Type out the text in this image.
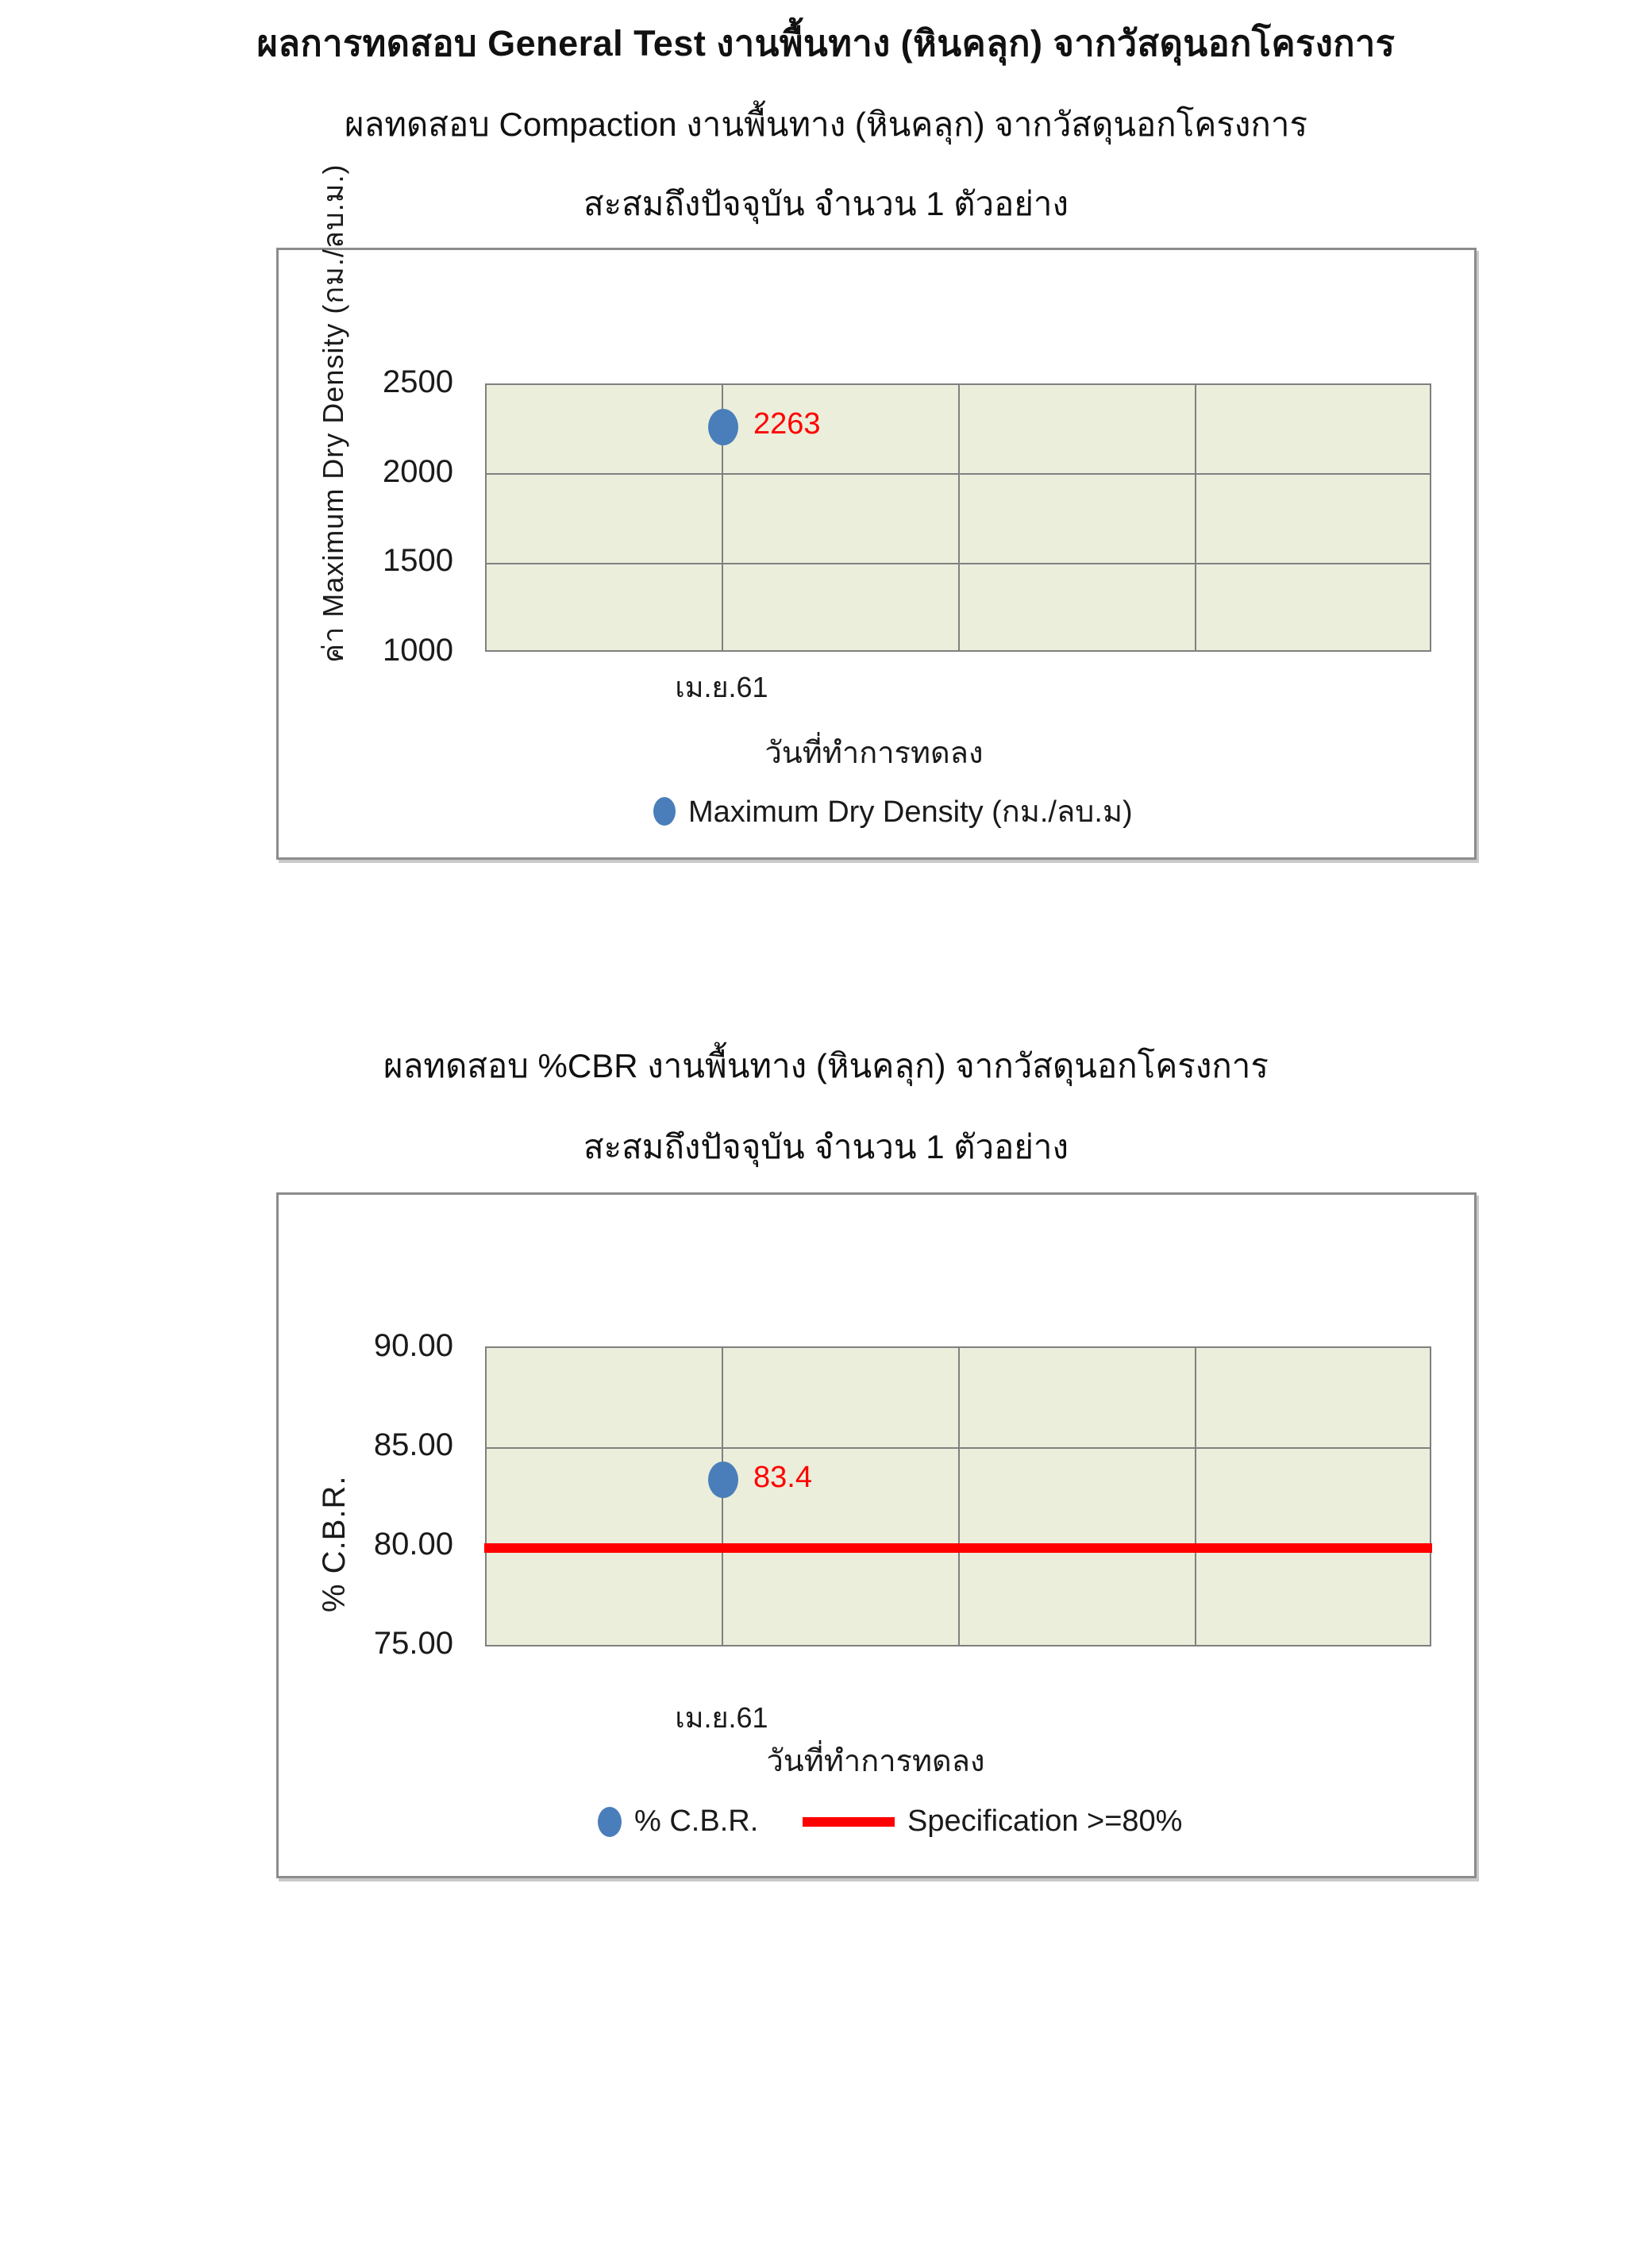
ผลการทดสอบ General Test งานพื้นทาง (หินคลุก) จากวัสดุนอกโครงการ
ผลทดสอบ Compaction งานพื้นทาง (หินคลุก) จากวัสดุนอกโครงการ
สะสมถึงปัจจุบัน จำนวน 1 ตัวอย่าง
ค่า Maximum Dry Density (กม./ลบ.ม.)	2500
2000
1500
1000
2263
เม.ย.61
วันที่ทำการทดลง
Maximum Dry Density (กม./ลบ.ม)
ผลทดสอบ %CBR งานพื้นทาง (หินคลุก) จากวัสดุนอกโครงการ
สะสมถึงปัจจุบัน จำนวน 1 ตัวอย่าง
% C.B.R.
90.00
85.00
80.00
75.00
83.4
เม.ย.61
วันที่ทำการทดลง
% C.B.R.	Specification >=80%
